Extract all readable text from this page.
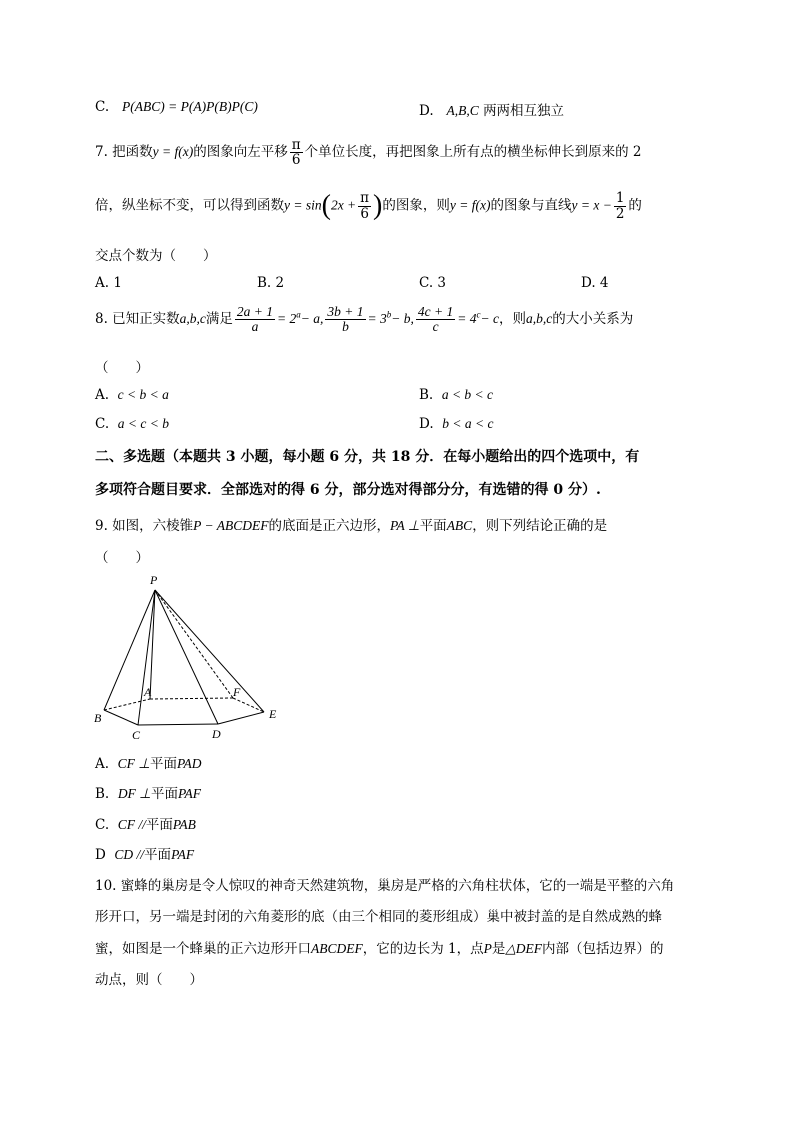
C. P(ABC) = P(A)P(B)P(C)	D. A,B,C 两两相互独立
7. 把函数y = f(x)的图象向左平移 $\frac{\pi}{6}$ 个单位长度，再把图象上所有点的横坐标伸长到原来的 2
倍，纵坐标不变，可以得到函数$y = \sin(2x + \frac{\pi}{6}$ )的图象，则y = f(x)的图象与直线$y = x - \frac{1}{2}$ 的
交点个数为（　　）
A. 1	B. 2	C. 3	D. 4
8. 已知正实数a,b,c满足 $\frac{2a + 1}{a} = 2^a- a$, $\frac{3b + 1}{b} = 3^b- b$, $\frac{4c + 1}{c} = 4^c- c$，则a,b,c的大小关系为
（　　）
A. c < b < a	B. a < b < c
C. a < c < b	D. b < a < c
二、多选题（本题共 3 小题，每小题 6 分，共 18 分．在每小题给出的四个选项中，有
多项符合题目要求．全部选对的得 6 分，部分选对得部分分，有选错的得 0 分）.
9. 如图，六棱锥P − ABCDEF的底面是正六边形，PA ⊥平面ABC，则下列结论正确的是
（　　）
P
A
B
C	D
E
F
A. CF ⊥平面PAD
B. DF ⊥平面PAF
C. CF //平面PAB
D CD //平面PAF
10. 蜜蜂的巢房是令人惊叹的神奇天然建筑物，巢房是严格的六角柱状体，它的一端是平整的六角
形开口，另一端是封闭的六角菱形的底（由三个相同的菱形组成）巢中被封盖的是自然成熟的蜂
蜜，如图是一个蜂巢的正六边形开口ABCDEF，它的边长为 1，点P是△DEF内部（包括边界）的
动点，则（　　）
